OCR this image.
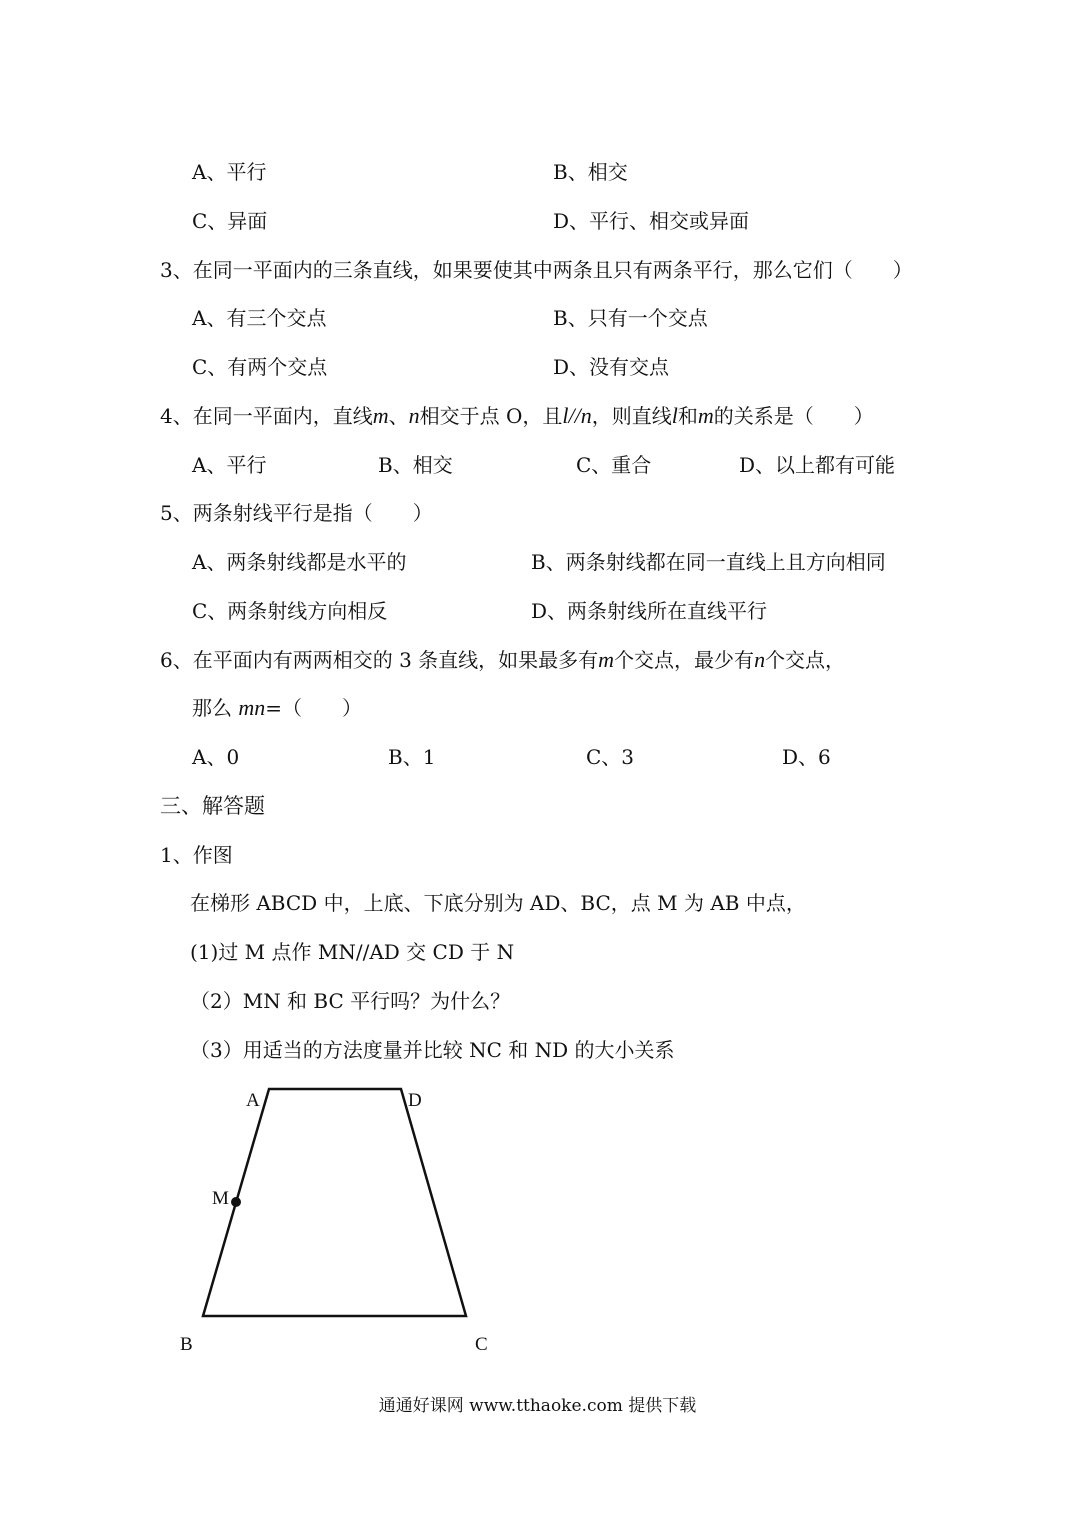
A、平行	B、相交
C、异面	D、平行、相交或异面
3、在同一平面内的三条直线，如果要使其中两条且只有两条平行，那么它们（　　）
A、有三个交点	B、只有一个交点
C、有两个交点	D、没有交点
4、在同一平面内，直线m、n相交于点 O，且l//n，则直线l和m的关系是（　　）
A、平行	B、相交	C、重合	D、以上都有可能
5、两条射线平行是指（　　）
A、两条射线都是水平的	B、两条射线都在同一直线上且方向相同
C、两条射线方向相反	D、两条射线所在直线平行
6、在平面内有两两相交的 3 条直线，如果最多有m个交点，最少有n个交点，
那么 mn=（　　）
A、0	B、1	C、3	D、6
三、解答题
1、作图
在梯形 ABCD 中，上底、下底分别为 AD、BC，点 M 为 AB 中点，
(1)过 M 点作 MN//AD 交 CD 于 N
（2）MN 和 BC 平行吗？为什么？
（3）用适当的方法度量并比较 NC 和 ND 的大小关系
A	D
M
B	C
通通好课网 www.tthaoke.com 提供下载
